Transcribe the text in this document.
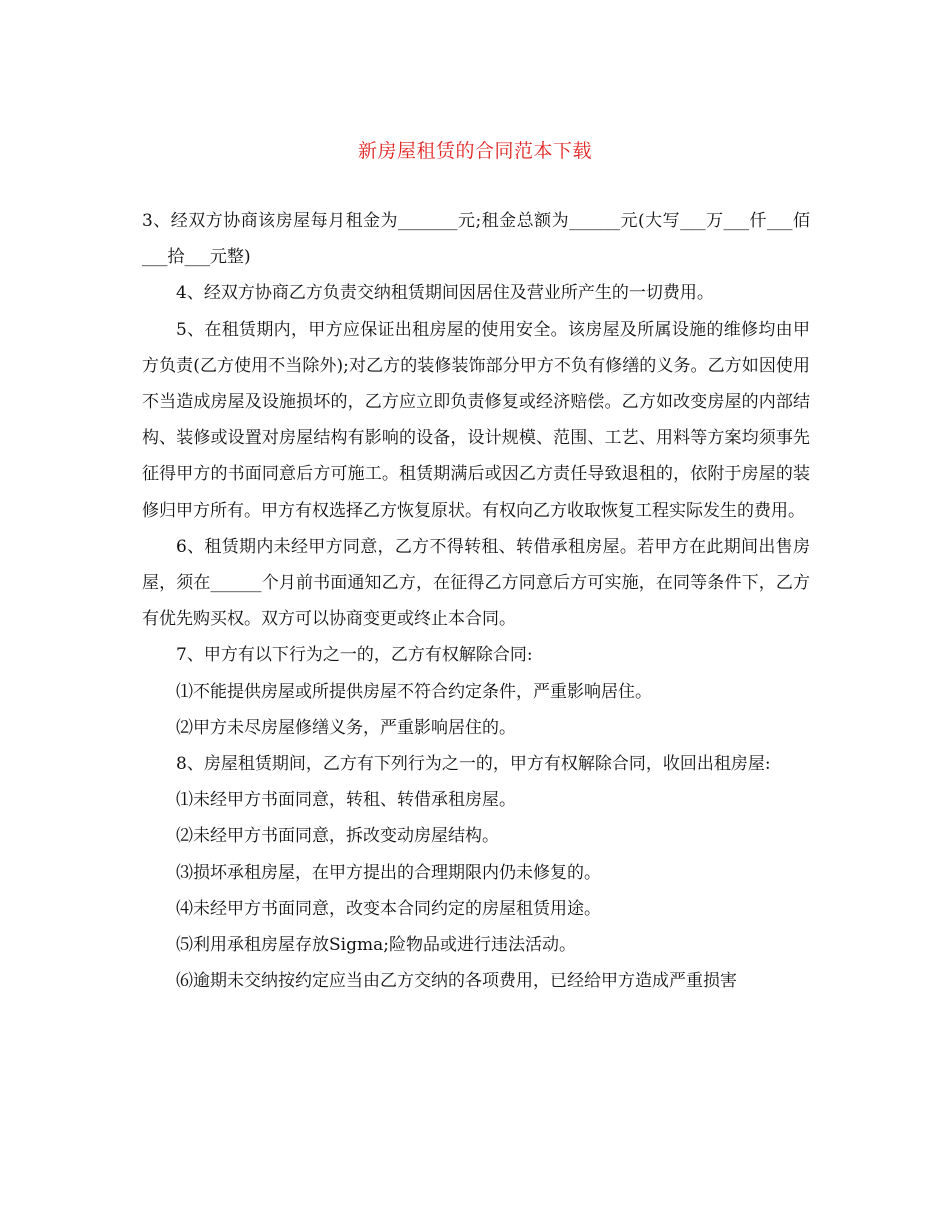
新房屋租赁的合同范本下载

3、经双方协商该房屋每月租金为_______元;租金总额为______元(大写___万___仟___佰___拾___元整)

4、经双方协商乙方负责交纳租赁期间因居住及营业所产生的一切费用。

5、在租赁期内，甲方应保证出租房屋的使用安全。该房屋及所属设施的维修均由甲方负责(乙方使用不当除外);对乙方的装修装饰部分甲方不负有修缮的义务。乙方如因使用不当造成房屋及设施损坏的，乙方应立即负责修复或经济赔偿。乙方如改变房屋的内部结构、装修或设置对房屋结构有影响的设备，设计规模、范围、工艺、用料等方案均须事先征得甲方的书面同意后方可施工。租赁期满后或因乙方责任导致退租的，依附于房屋的装修归甲方所有。甲方有权选择乙方恢复原状。有权向乙方收取恢复工程实际发生的费用。

6、租赁期内未经甲方同意，乙方不得转租、转借承租房屋。若甲方在此期间出售房屋，须在______个月前书面通知乙方，在征得乙方同意后方可实施，在同等条件下，乙方有优先购买权。双方可以协商变更或终止本合同。

7、甲方有以下行为之一的，乙方有权解除合同:

⑴不能提供房屋或所提供房屋不符合约定条件，严重影响居住。

⑵甲方未尽房屋修缮义务，严重影响居住的。

8、房屋租赁期间，乙方有下列行为之一的，甲方有权解除合同，收回出租房屋:

⑴未经甲方书面同意，转租、转借承租房屋。

⑵未经甲方书面同意，拆改变动房屋结构。

⑶损坏承租房屋，在甲方提出的合理期限内仍未修复的。

⑷未经甲方书面同意，改变本合同约定的房屋租赁用途。

⑸利用承租房屋存放Sigma;险物品或进行违法活动。

⑹逾期未交纳按约定应当由乙方交纳的各项费用，已经给甲方造成严重损害
